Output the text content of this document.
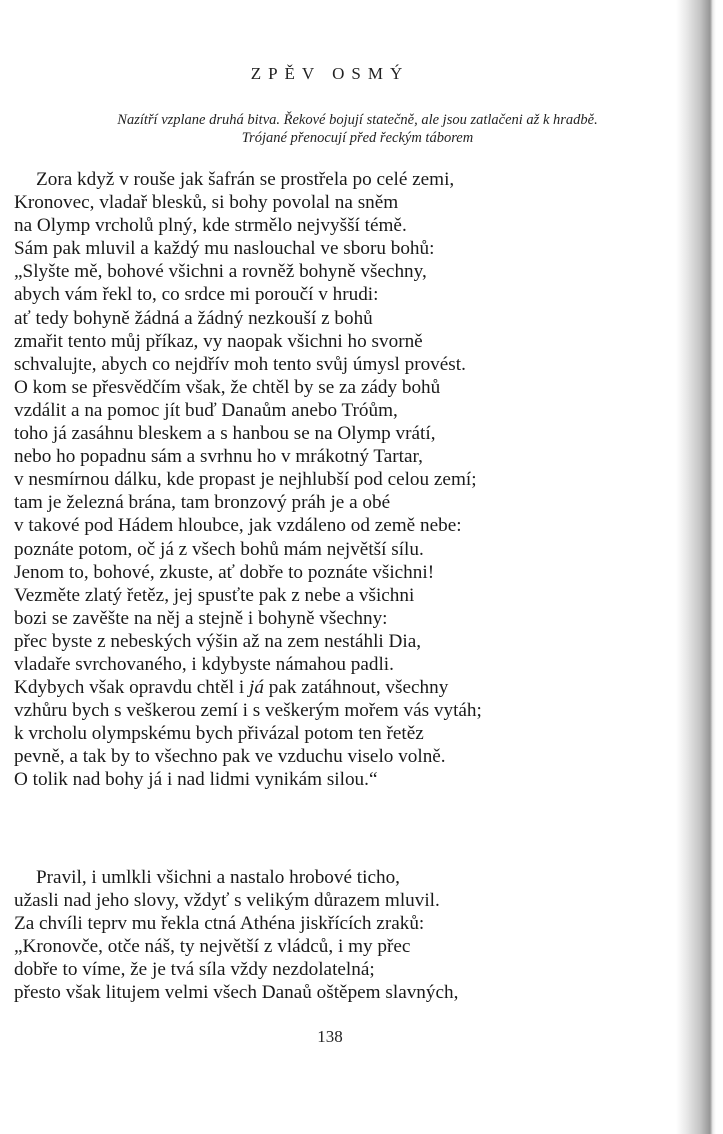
ZPĚV OSMÝ
Nazítří vzplane druhá bitva. Řekové bojují statečně, ale jsou zatlačeni až k hradbě.
Trójané přenocují před řeckým táborem
Zora když v rouše jak šafrán se prostřela po celé zemi,
Kronovec, vladař blesků, si bohy povolal na sněm
na Olymp vrcholů plný, kde strmělo nejvyšší témě.
Sám pak mluvil a každý mu naslouchal ve sboru bohů:
„Slyšte mě, bohové všichni a rovněž bohyně všechny,
abych vám řekl to, co srdce mi poroučí v hrudi:
ať tedy bohyně žádná a žádný nezkouší z bohů
zmařit tento můj příkaz, vy naopak všichni ho svorně
schvalujte, abych co nejdřív moh tento svůj úmysl provést.
O kom se přesvědčím však, že chtěl by se za zády bohů
vzdálit a na pomoc jít buď Danaům anebo Tróům,
toho já zasáhnu bleskem a s hanbou se na Olymp vrátí,
nebo ho popadnu sám a svrhnu ho v mrákotný Tartar,
v nesmírnou dálku, kde propast je nejhlubší pod celou zemí;
tam je železná brána, tam bronzový práh je a obé
v takové pod Hádem hloubce, jak vzdáleno od země nebe:
poznáte potom, oč já z všech bohů mám největší sílu.
Jenom to, bohové, zkuste, ať dobře to poznáte všichni!
Vezměte zlatý řetěz, jej spusťte pak z nebe a všichni
bozi se zavěšte na něj a stejně i bohyně všechny:
přec byste z nebeských výšin až na zem nestáhli Dia,
vladaře svrchovaného, i kdybyste námahou padli.
Kdybych však opravdu chtěl i já pak zatáhnout, všechny
vzhůru bych s veškerou zemí i s veškerým mořem vás vytáh;
k vrcholu olympskému bych přivázal potom ten řetěz
pevně, a tak by to všechno pak ve vzduchu viselo volně.
O tolik nad bohy já i nad lidmi vynikám silou.“
Pravil, i umlkli všichni a nastalo hrobové ticho,
užasli nad jeho slovy, vždyť s velikým důrazem mluvil.
Za chvíli teprv mu řekla ctná Athéna jiskřících zraků:
„Kronovče, otče náš, ty největší z vládců, i my přec
dobře to víme, že je tvá síla vždy nezdolatelná;
přesto však litujem velmi všech Danaů oštěpem slavných,
138
